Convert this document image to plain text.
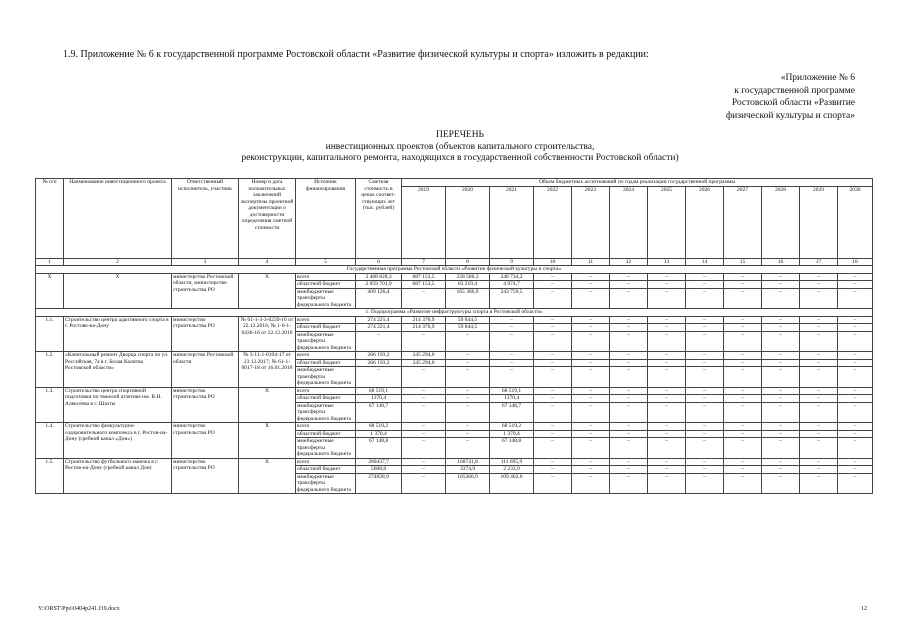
1.9. Приложение № 6 к государственной программе Ростовской области «Развитие физической культуры и спорта» изложить в редакции:
«Приложение № 6
к государственной программе
Ростовской области «Развитие
физической культуры и спорта»
ПЕРЕЧЕНЬ
инвестиционных проектов (объектов капитального строительства,
реконструкции, капитального ремонта, находящихся в государственной собственности Ростовской области)
№ п/п	Наименование инвестиционного проекта	Ответственный исполнитель, участник	Номер и дата положительных заключений экспертизы проектной документации о достоверности определения сметной стоимости	Источник финансирования	Сметная стоимость в ценах соответ-ствующих лет (тыс. рублей)	Объем бюджетных ассигнований по годам реализации государственной программы											
						2019	2020	2021	2022	2023	2024	2025	2026	2027	2028	2029	2030
1	2	3	4	5	6	7	8	9	10	11	12	13	14	15	16	17	18
Государственная программа Ростовской области «Развитие физической культуры и спорта»																	
Х	Х	министерство Ростовской области, министерство строительства РО	Х	всего	3 468 828,3	687 153,5	228 586,3	248 734,2	–	–	–	–	–	–	–	–	–
				областной бюджет	2 059 701,9	687 153,5	63 219,4	4 974,7	–	–	–	–	–	–	–	–	–
				межбюджетные трансферты федерального бюджета	409 126,4	–	165 366,9	243 759,5	–	–	–	–	–	–	–	–	–
1. Подпрограмма «Развитие инфраструктуры спорта в Ростовской области»																	
1.1.	Строительство центра адаптивного спорта в г. Ростове-на-Дону	министерство строительства РО	№ 61-1-3-3-0239-16 от 22.12.2016; № 1-6-1-0436-16 от 22.12.2016	всего	274 221,4	214 376,9	59 844,5	–	–	–	–	–	–	–	–	–	–
				областной бюджет	274 221,4	214 376,9	59 844,5	–	–	–	–	–	–	–	–	–	–
				межбюджетные трансферты федерального бюджета	–	–	–	–	–	–	–	–	–	–	–	–	–
1.2.	«Капитальный ремонт Дворца спорта по ул. Российская, 7а в г. Белая Калитва Ростовской области»	министерство Ростовской области	№ 3-11-1-0104-17 от 23.12.2017; № 61-1-0017-18 от 16.01.2018	всего	266 193,2	245 294,0	–	–	–	–	–	–	–	–	–	–	–
				областной бюджет	266 193,2	245 294,0	–	–	–	–	–	–	–	–	–	–	–
				межбюджетные трансферты федерального бюджета	–	–	–	–	–	–	–	–	–	–	–	–	–
1.3.	Строительство центра спортивной подготовки по тяжелой атлетике им. В.Н. Алексеева в г. Шахты	министерство строительства РО	Х	всего	68 519,1	–	–	68 519,1	–	–	–	–	–	–	–	–	–
				областной бюджет	1370,4	–	–	1370,4	–	–	–	–	–	–	–	–	–
				межбюджетные трансферты федерального бюджета	67 148,7	–	–	67 148,7	–	–	–	–	–	–	–	–	–
1.4.	Строительство физкультурно-оздоровительного комплекса в г. Ростов-на-Дону (гребной канал «Дон»)	министерство строительства РО	Х	всего	68 519,2	–	–	68 519,2	–	–	–	–	–	–	–	–	–
				областной бюджет	1 370,4	–	–	1 370,4	–	–	–	–	–	–	–	–	–
				межбюджетные трансферты федерального бюджета	67 148,8	–	–	67 148,8	–	–	–	–	–	–	–	–	–
1.5.	Строительство футбольного манежа в г. Ростов-на-Дону (гребной канал Дон)	министерство строительства РО	Х	всего	280437,7	–	168741,8	111 695,9	–	–	–	–	–	–	–	–	–
				областной бюджет	5608,8	–	3374,9	2 233,9	–	–	–	–	–	–	–	–	–
				межбюджетные трансферты федерального бюджета	274828,9	–	165366,9	109 462,0	–	–	–	–	–	–	–	–	–
Y:\ORST\Ppo\0404p241.f19.docx	12
